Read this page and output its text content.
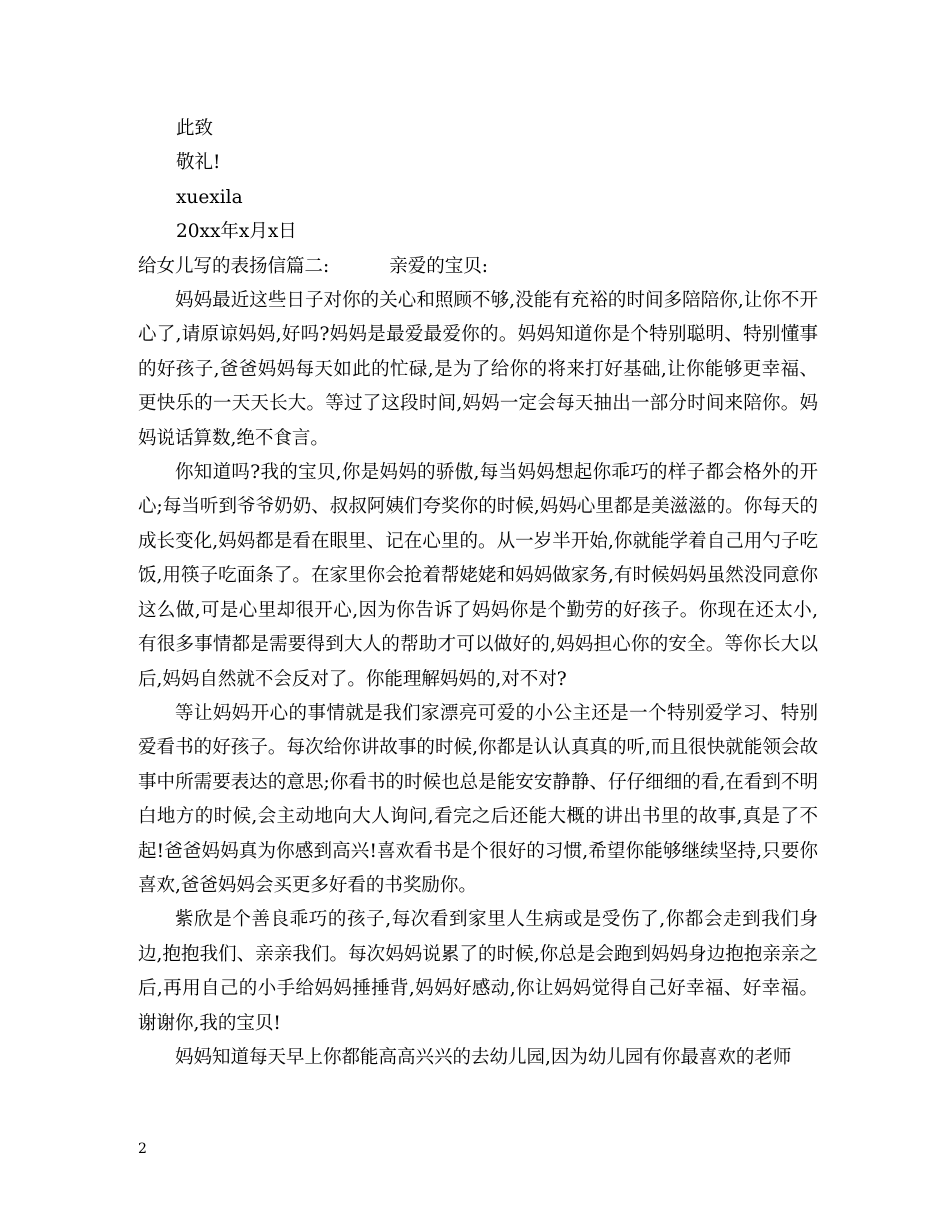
此致
敬礼!
xuexila
20xx年x月x日
给女儿写的表扬信篇二:	亲爱的宝贝:

妈妈最近这些日子对你的关心和照顾不够,没能有充裕的时间多陪陪你,让你不开心了,请原谅妈妈,好吗?妈妈是最爱最爱你的。妈妈知道你是个特别聪明、特别懂事的好孩子,爸爸妈妈每天如此的忙碌,是为了给你的将来打好基础,让你能够更幸福、更快乐的一天天长大。等过了这段时间,妈妈一定会每天抽出一部分时间来陪你。妈妈说话算数,绝不食言。

你知道吗?我的宝贝,你是妈妈的骄傲,每当妈妈想起你乖巧的样子都会格外的开心;每当听到爷爷奶奶、叔叔阿姨们夸奖你的时候,妈妈心里都是美滋滋的。你每天的成长变化,妈妈都是看在眼里、记在心里的。从一岁半开始,你就能学着自己用勺子吃饭,用筷子吃面条了。在家里你会抢着帮姥姥和妈妈做家务,有时候妈妈虽然没同意你这么做,可是心里却很开心,因为你告诉了妈妈你是个勤劳的好孩子。你现在还太小,有很多事情都是需要得到大人的帮助才可以做好的,妈妈担心你的安全。等你长大以后,妈妈自然就不会反对了。你能理解妈妈的,对不对?

等让妈妈开心的事情就是我们家漂亮可爱的小公主还是一个特别爱学习、特别爱看书的好孩子。每次给你讲故事的时候,你都是认认真真的听,而且很快就能领会故事中所需要表达的意思;你看书的时候也总是能安安静静、仔仔细细的看,在看到不明白地方的时候,会主动地向大人询问,看完之后还能大概的讲出书里的故事,真是了不起!爸爸妈妈真为你感到高兴!喜欢看书是个很好的习惯,希望你能够继续坚持,只要你喜欢,爸爸妈妈会买更多好看的书奖励你。

紫欣是个善良乖巧的孩子,每次看到家里人生病或是受伤了,你都会走到我们身边,抱抱我们、亲亲我们。每次妈妈说累了的时候,你总是会跑到妈妈身边抱抱亲亲之后,再用自己的小手给妈妈捶捶背,妈妈好感动,你让妈妈觉得自己好幸福、好幸福。谢谢你,我的宝贝!

妈妈知道每天早上你都能高高兴兴的去幼儿园,因为幼儿园有你最喜欢的老师

2
